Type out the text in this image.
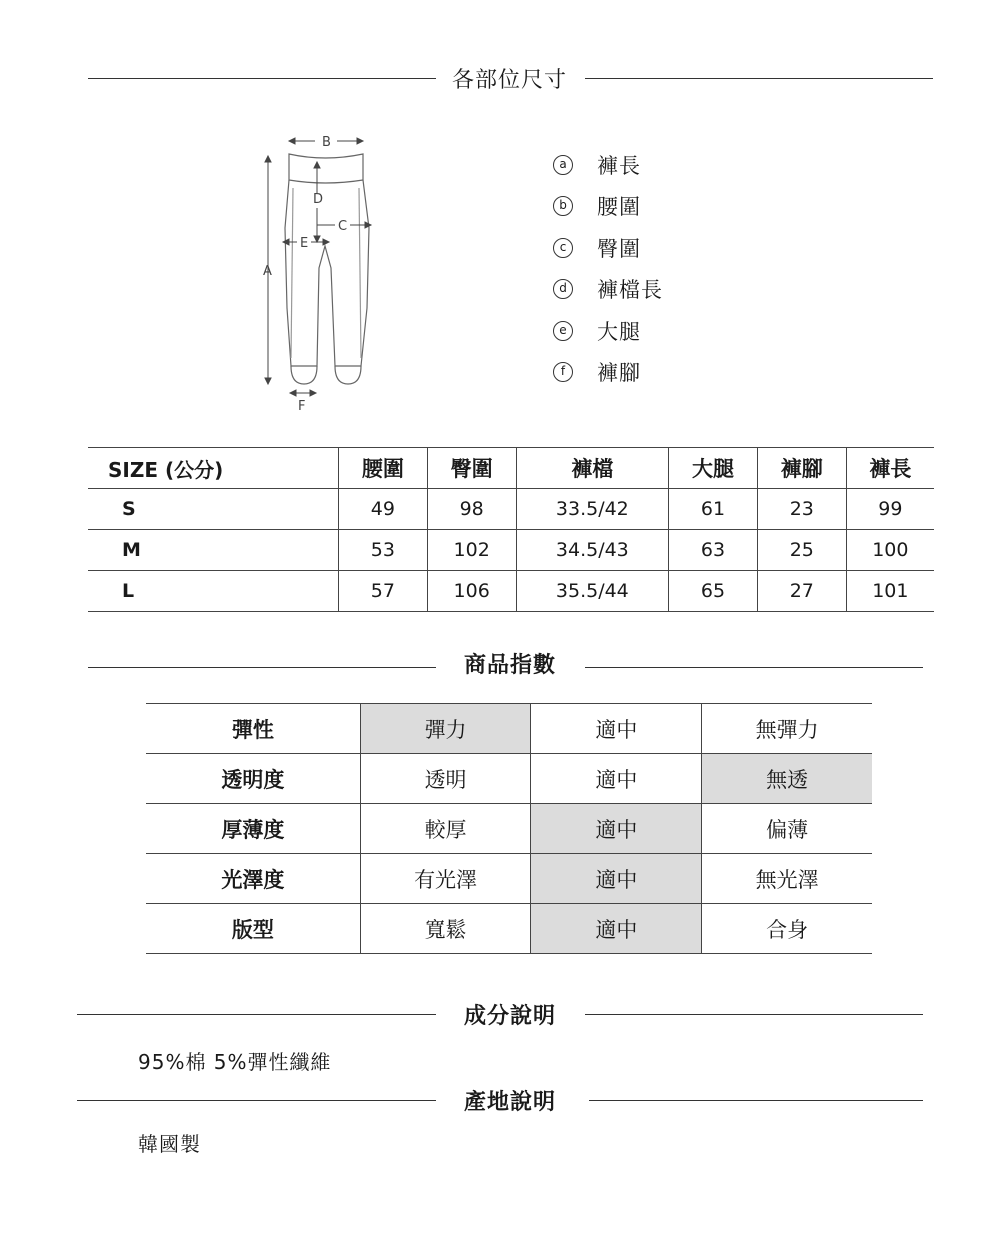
各部位尺寸
A
B
C
D
E
F
a	褲長
b 腰圍
c	臀圍
d 褲檔長
e	大腿
f	褲腳
SIZE (公分)	腰圍	臀圍	褲檔	大腿	褲腳	褲長
S	49	98	33.5/42	61	23	99
M	53	102	34.5/43	63	25	100
L	57	106	35.5/44	65	27	101
商品指數
彈性	彈力	適中	無彈力
透明度	透明	適中	無透
厚薄度	較厚	適中	偏薄
光澤度	有光澤	適中	無光澤
版型	寬鬆	適中	合身
成分說明
95%棉 5%彈性纖維
產地說明
韓國製
